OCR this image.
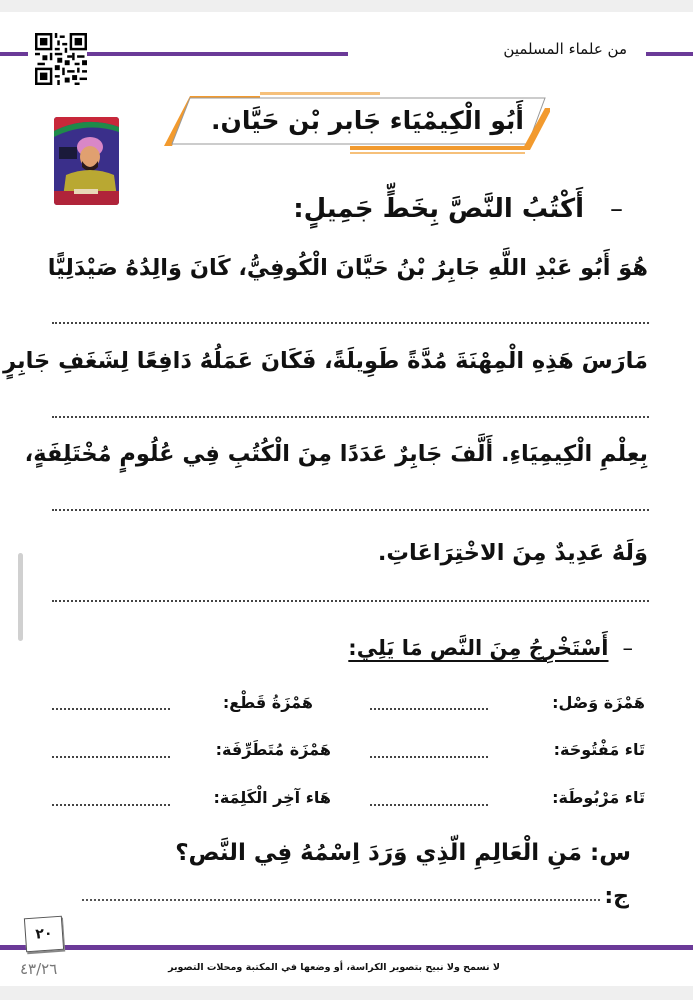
من علماء المسلمين
أَبُو الْكِيمْيَاء جَابر بْن حَيَّان.
–أَكْتُبُ النَّصَّ بِخَطٍّ جَمِيلٍ:
هُوَ أَبُو عَبْدِ اللَّهِ جَابِرُ بْنُ حَيَّانَ الْكُوفِيُّ، كَانَ وَالِدُهُ صَيْدَلِيًّا
مَارَسَ هَذِهِ الْمِهْنَةَ مُدَّةً طَوِيلَةً، فَكَانَ عَمَلُهُ دَافِعًا لِشَغَفِ جَابِرٍ
بِعِلْمِ الْكِيمِيَاءِ. أَلَّفَ جَابِرٌ عَدَدًا مِنَ الْكُتُبِ فِي عُلُومٍ مُخْتَلِفَةٍ،
وَلَهُ عَدِيدٌ مِنَ الاخْتِرَاعَاتِ.
–أَسْتَخْرِجُ مِنَ النَّص مَا يَلِي:
هَمْزَة وَصْل:
هَمْزَةُ قَطْع:
تَاء مَفْتُوحَة:
هَمْزَة مُتَطَرِّفَة:
تَاء مَرْبُوطَة:
هَاء آخِر الْكَلِمَة:
س: مَنِ الْعَالِمِ الّذِي وَرَدَ اِسْمُهُ فِي النَّص؟
ج:
٢٠
لا نسمح ولا نبيح بتصوير الكراسة، أو وضعها في المكتبة ومحلات التصوير
٤٣/٢٦
